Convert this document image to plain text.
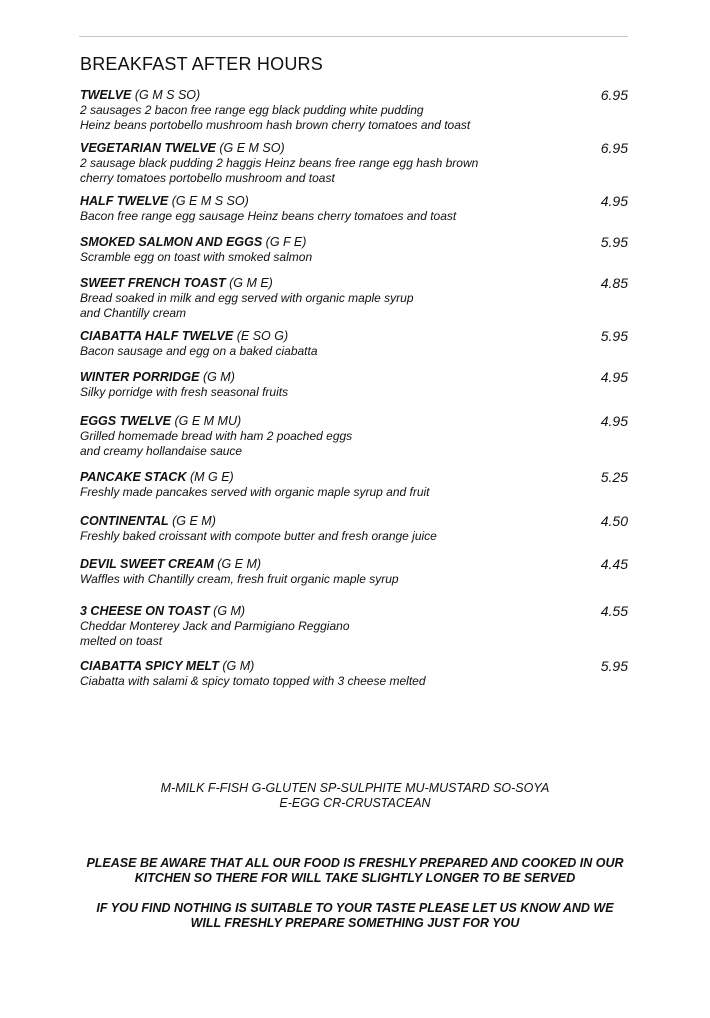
BREAKFAST AFTER HOURS
TWELVE (G M S SO)
2 sausages 2 bacon free range egg black pudding white pudding
Heinz beans portobello mushroom hash brown cherry tomatoes and toast
6.95
VEGETARIAN TWELVE (G E M SO)
2 sausage black pudding 2 haggis Heinz beans free range egg hash brown
cherry tomatoes portobello mushroom and toast
6.95
HALF TWELVE (G E M S SO)
Bacon free range egg sausage Heinz beans cherry tomatoes and toast
4.95
SMOKED SALMON AND EGGS (G F E)
Scramble egg on toast with smoked salmon
5.95
SWEET FRENCH TOAST (G M E)
Bread soaked in milk and egg served with organic maple syrup
and Chantilly cream
4.85
CIABATTA HALF TWELVE (E SO G)
Bacon sausage and egg on a baked ciabatta
5.95
WINTER PORRIDGE (G M)
Silky porridge with fresh seasonal fruits
4.95
EGGS TWELVE (G E M MU)
Grilled homemade bread with ham 2 poached eggs
and creamy hollandaise sauce
4.95
PANCAKE STACK (M G E)
Freshly made pancakes served with organic maple syrup and fruit
5.25
CONTINENTAL (G E M)
Freshly baked croissant with compote butter and fresh orange juice
4.50
DEVIL SWEET CREAM (G E M)
Waffles with Chantilly cream, fresh fruit organic maple syrup
4.45
3 CHEESE ON TOAST (G M)
Cheddar Monterey Jack and Parmigiano Reggiano
melted on toast
4.55
CIABATTA SPICY MELT (G M)
Ciabatta with salami & spicy tomato topped with 3 cheese melted
5.95
M-MILK F-FISH G-GLUTEN SP-SULPHITE MU-MUSTARD SO-SOYA
E-EGG CR-CRUSTACEAN
PLEASE BE AWARE THAT ALL OUR FOOD IS FRESHLY PREPARED AND COOKED IN OUR
KITCHEN SO THERE FOR WILL TAKE SLIGHTLY LONGER TO BE SERVED
IF YOU FIND NOTHING IS SUITABLE TO YOUR TASTE PLEASE LET US KNOW AND WE
WILL FRESHLY PREPARE SOMETHING JUST FOR YOU
